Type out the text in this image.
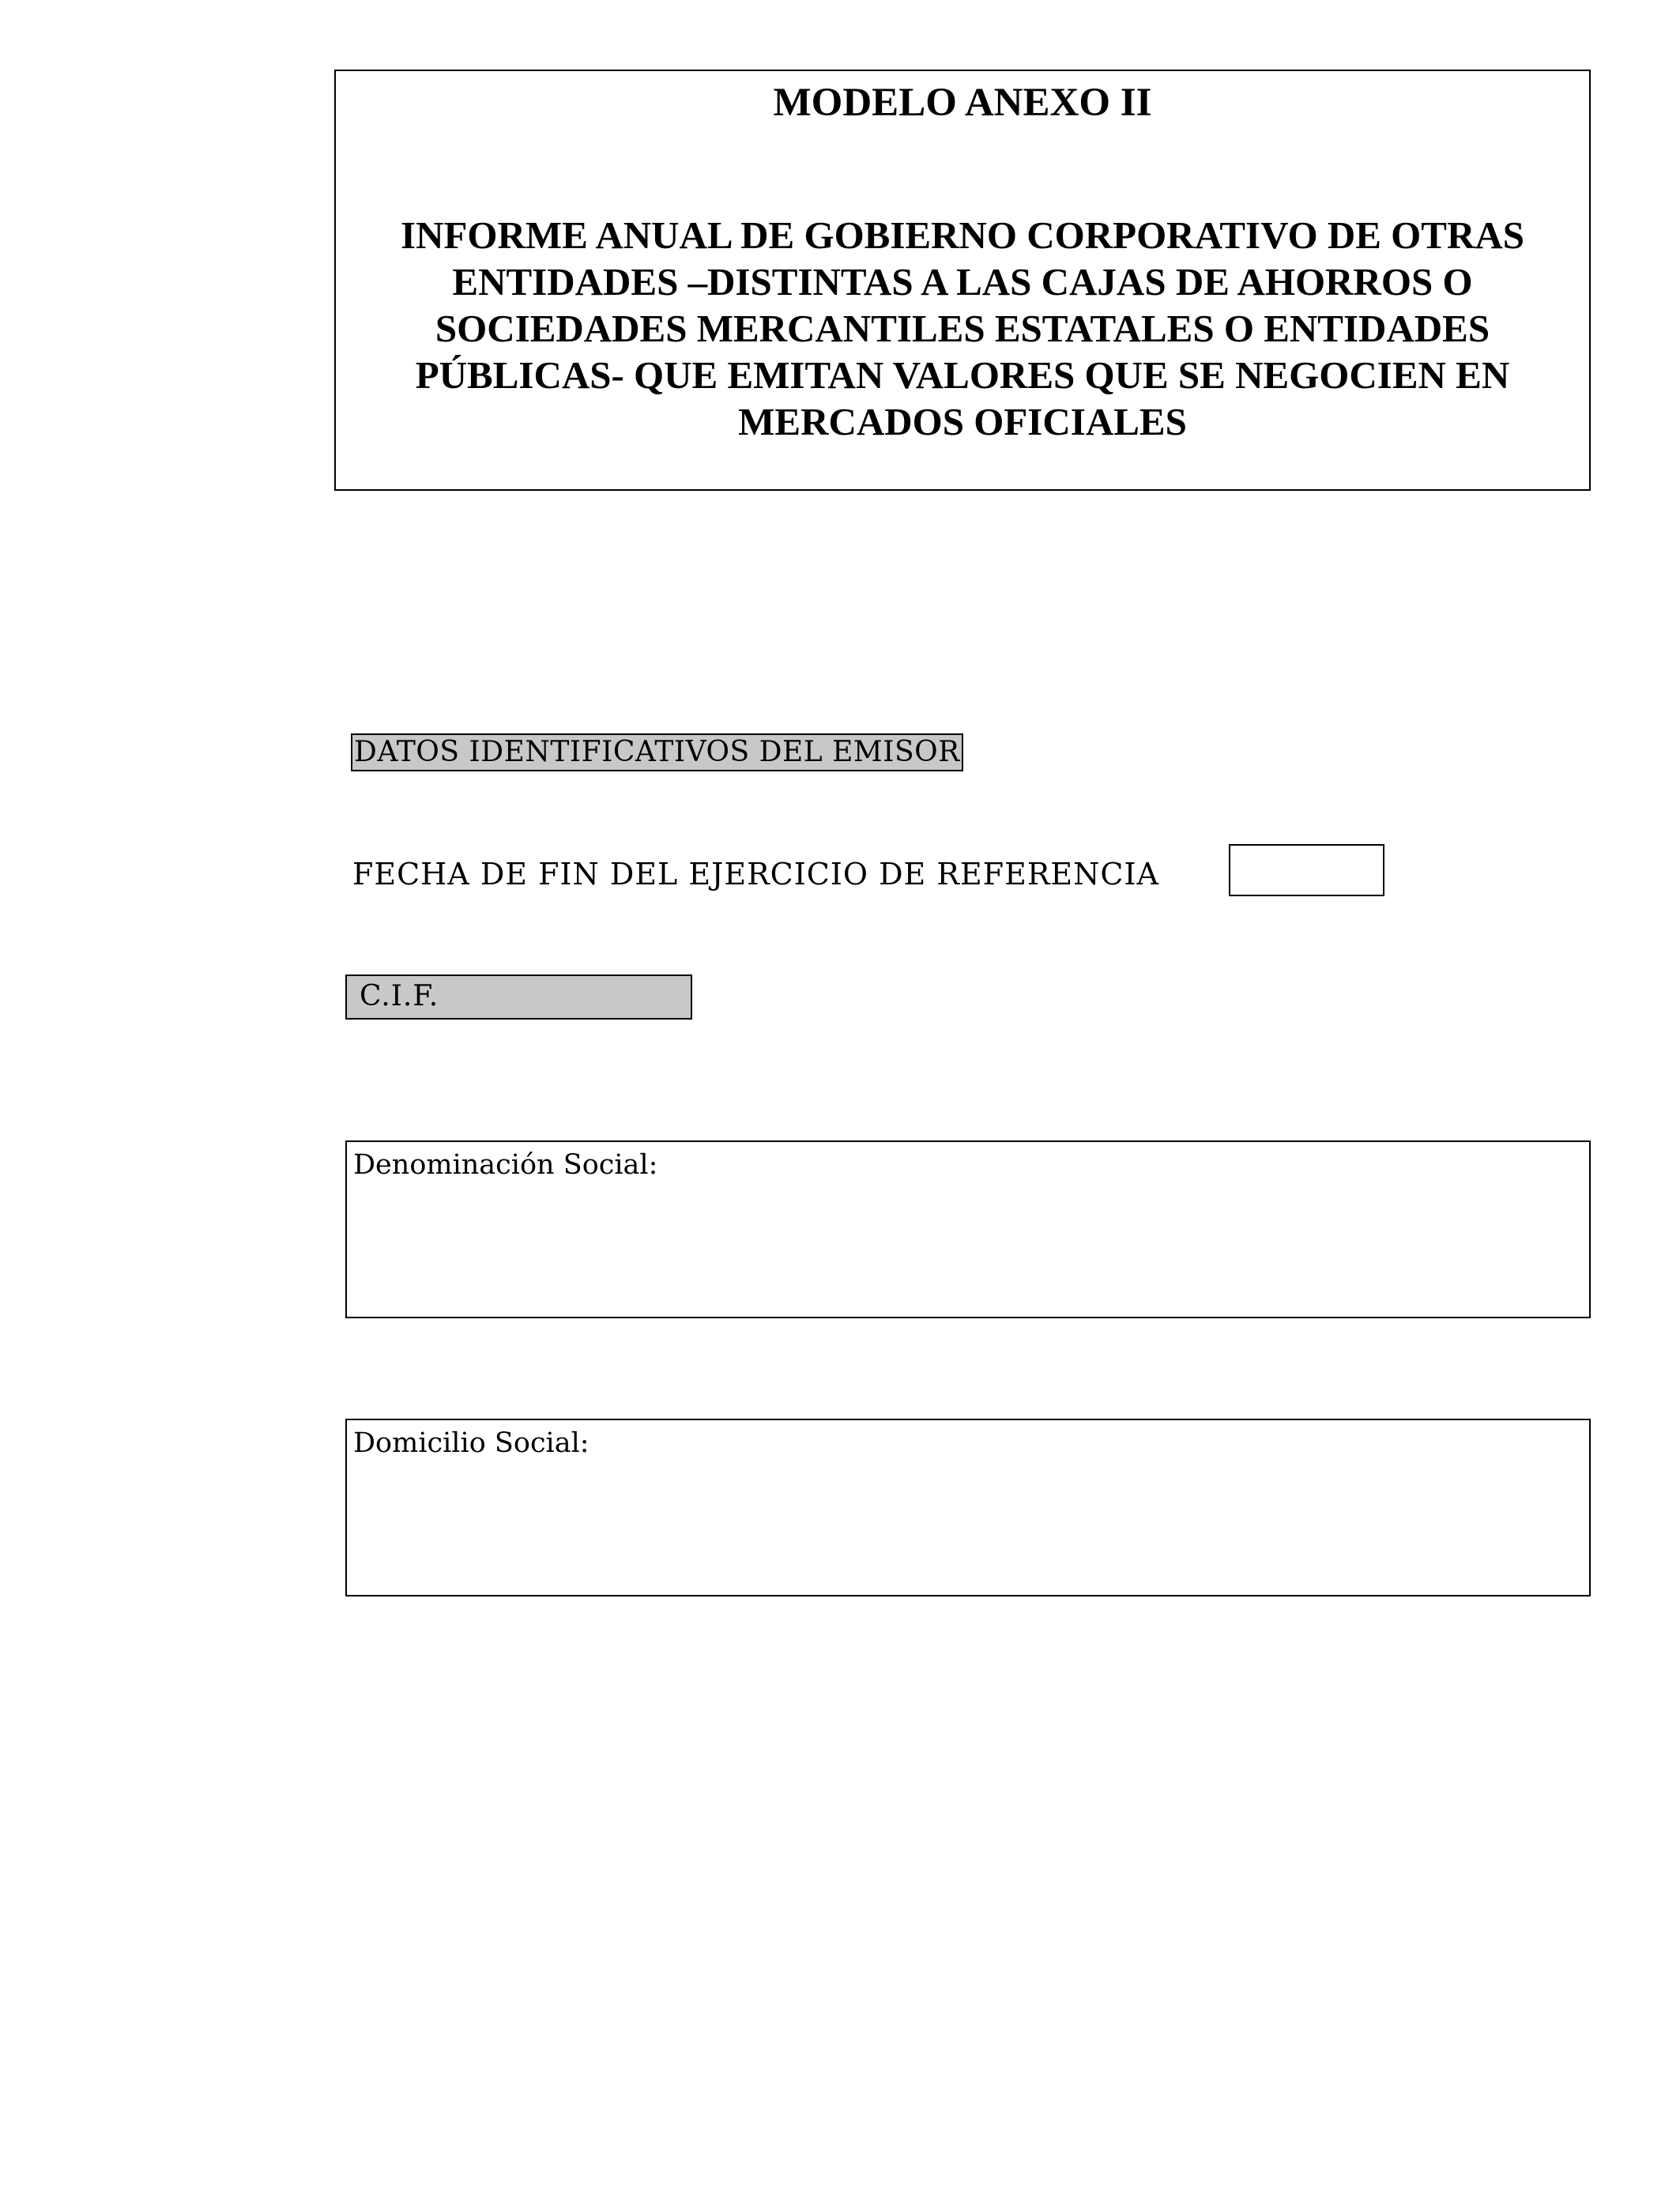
MODELO ANEXO II
INFORME ANUAL DE GOBIERNO CORPORATIVO DE OTRAS
ENTIDADES –DISTINTAS A LAS CAJAS DE AHORROS O
SOCIEDADES MERCANTILES ESTATALES O ENTIDADES
PÚBLICAS- QUE EMITAN VALORES QUE SE NEGOCIEN EN
MERCADOS OFICIALES
DATOS IDENTIFICATIVOS DEL EMISOR
FECHA DE FIN DEL EJERCICIO DE REFERENCIA
C.I.F.
Denominación Social:
Domicilio Social:
